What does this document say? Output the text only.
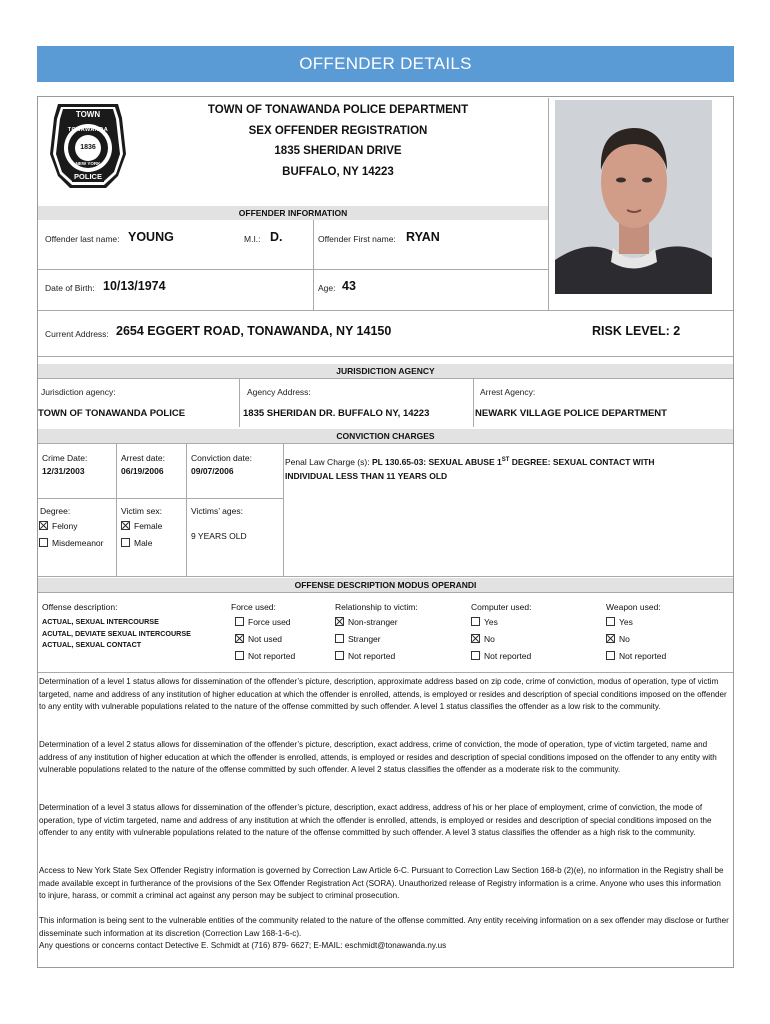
OFFENDER DETAILS
TOWN
TONAWANDA
1836
NEW YORK
POLICE
TOWN OF TONAWANDA POLICE DEPARTMENT
SEX OFFENDER REGISTRATION
1835 SHERIDAN DRIVE
BUFFALO, NY 14223
OFFENDER INFORMATION
Offender last name: YOUNG	M.I.: D.	Offender First name: RYAN
Date of Birth: 10/13/1974	Age: 43
Current Address: 2654 EGGERT ROAD, TONAWANDA, NY 14150	RISK LEVEL: 2
JURISDICTION AGENCY
Jurisdiction agency:
TOWN OF TONAWANDA POLICE
Agency Address:
1835 SHERIDAN DR. BUFFALO NY, 14223
Arrest Agency:
NEWARK VILLAGE POLICE DEPARTMENT
CONVICTION CHARGES
Crime Date:
12/31/2003
Arrest date:
06/19/2006
Conviction date:
09/07/2006
Penal Law Charge (s): PL 130.65-03: SEXUAL ABUSE 1ST DEGREE: SEXUAL CONTACT WITH
INDIVIDUAL LESS THAN 11 YEARS OLD
Degree:
Felony
Misdemeanor
Victim sex:
Female
Male
Victims’ ages:
9 YEARS OLD
OFFENSE DESCRIPTION MODUS OPERANDI
Offense description:
ACTUAL, SEXUAL INTERCOURSE
ACUTAL, DEVIATE SEXUAL INTERCOURSE
ACTUAL, SEXUAL CONTACT
Force used:
Force used
Not used
Not reported
Relationship to victim:
Non-stranger
Stranger
Not reported
Computer used:
Yes
No
Not reported
Weapon used:
Yes
No
Not reported
Determination of a level 1 status allows for dissemination of the offender’s picture, description, approximate address based on zip code, crime of conviction, modus of operation, type of victim targeted, name and address of any institution of higher education at which the offender is enrolled, attends, is employed or resides and description of special conditions imposed on the offender to any entity with vulnerable populations related to the nature of the offense committed by such offender. A level 1 status classifies the offender as a low risk to the community.
Determination of a level 2 status allows for dissemination of the offender’s picture, description, exact address, crime of conviction, the mode of operation, type of victim targeted, name and address of any institution of higher education at which the offender is enrolled, attends, is employed or resides and description of special conditions imposed on the offender to any entity with vulnerable populations related to the nature of the offense committed by such offender. A level 2 status classifies the offender as a moderate risk to the community.
Determination of a level 3 status allows for dissemination of the offender’s picture, description, exact address, address of his or her place of employment, crime of conviction, the mode of operation, type of victim targeted, name and address of any institution at which the offender is enrolled, attends, is employed or resides and description of special conditions imposed on the offender to any entity with vulnerable populations related to the nature of the offense committed by such offender. A level 3 status classifies the offender as a high risk to the community.
Access to New York State Sex Offender Registry information is governed by Correction Law Article 6-C. Pursuant to Correction Law Section 168-b (2)(e), no information in the Registry shall be made available except in furtherance of the provisions of the Sex Offender Registration Act (SORA). Unauthorized release of Registry information is a crime. Anyone who uses this information to injure, harass, or commit a criminal act against any person may be subject to criminal prosecution.
This information is being sent to the vulnerable entities of the community related to the nature of the offense committed. Any entity receiving information on a sex offender may disclose or further disseminate such information at its discretion (Correction Law 168-1-6-c).
Any questions or concerns contact Detective E. Schmidt at (716) 879- 6627; E-MAIL: eschmidt@tonawanda.ny.us
